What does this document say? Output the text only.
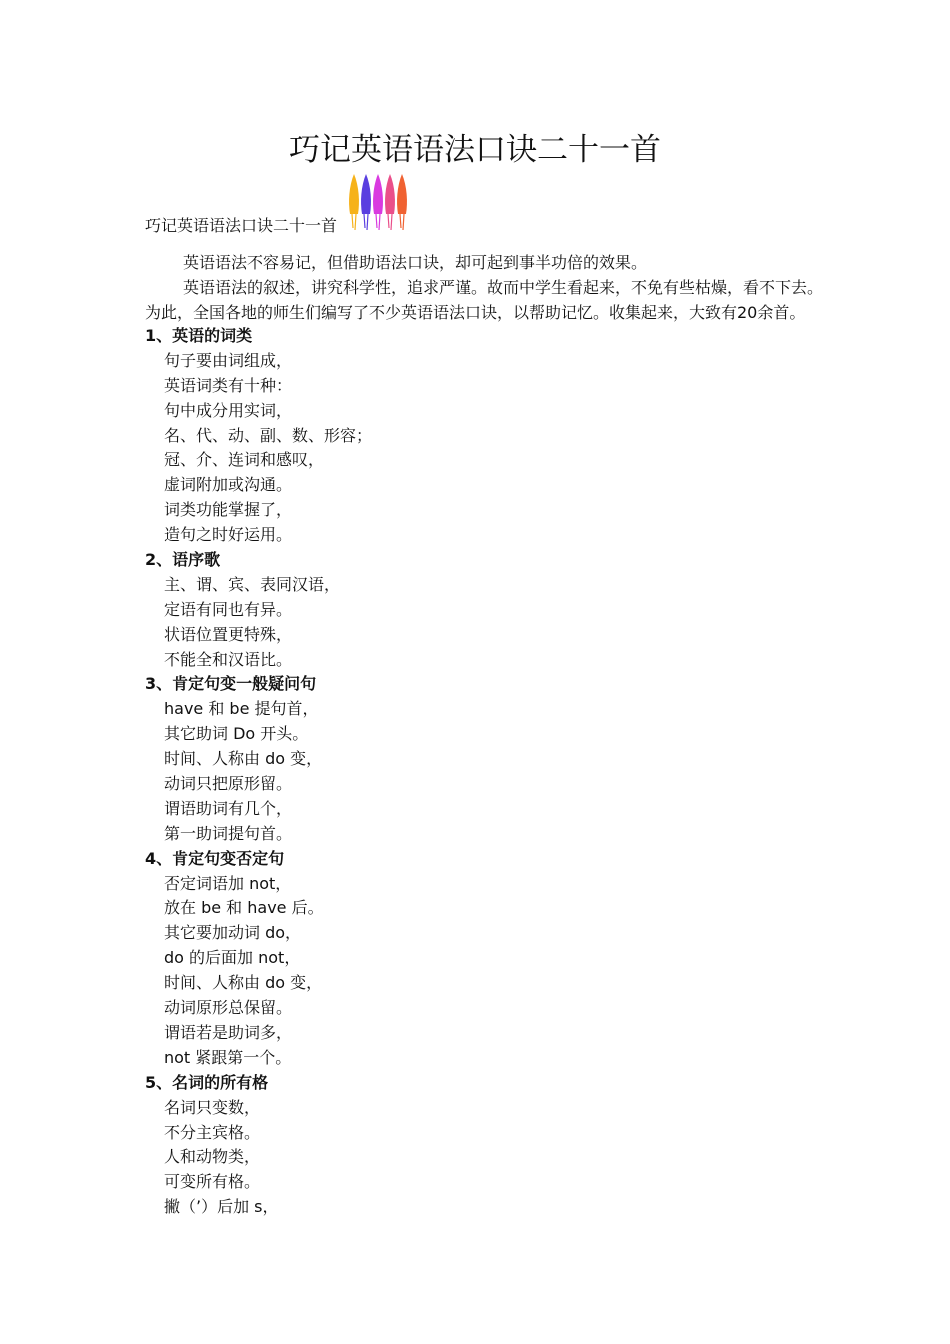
巧记英语语法口诀二十一首
巧记英语语法口诀二十一首

英语语法不容易记，但借助语法口诀，却可起到事半功倍的效果。

英语语法的叙述，讲究科学性，追求严谨。故而中学生看起来，不免有些枯燥，看不下去。为此，全国各地的师生们编写了不少英语语法口诀，以帮助记忆。收集起来，大致有20余首。

1、英语的词类
句子要由词组成，
英语词类有十种：
句中成分用实词，
名、代、动、副、数、形容；
冠、介、连词和感叹，
虚词附加或沟通。
词类功能掌握了，
造句之时好运用。
2、语序歌
主、谓、宾、表同汉语，
定语有同也有异。
状语位置更特殊，
不能全和汉语比。
3、肯定句变一般疑问句
have 和 be 提句首，
其它助词 Do 开头。
时间、人称由 do 变，
动词只把原形留。
谓语助词有几个，
第一助词提句首。
4、肯定句变否定句
否定词语加 not，
放在 be 和 have 后。
其它要加动词 do，
do 的后面加 not，
时间、人称由 do 变，
动词原形总保留。
谓语若是助词多，
not 紧跟第一个。
5、名词的所有格
名词只变数，
不分主宾格。
人和动物类，
可变所有格。
撇（’）后加 s，
